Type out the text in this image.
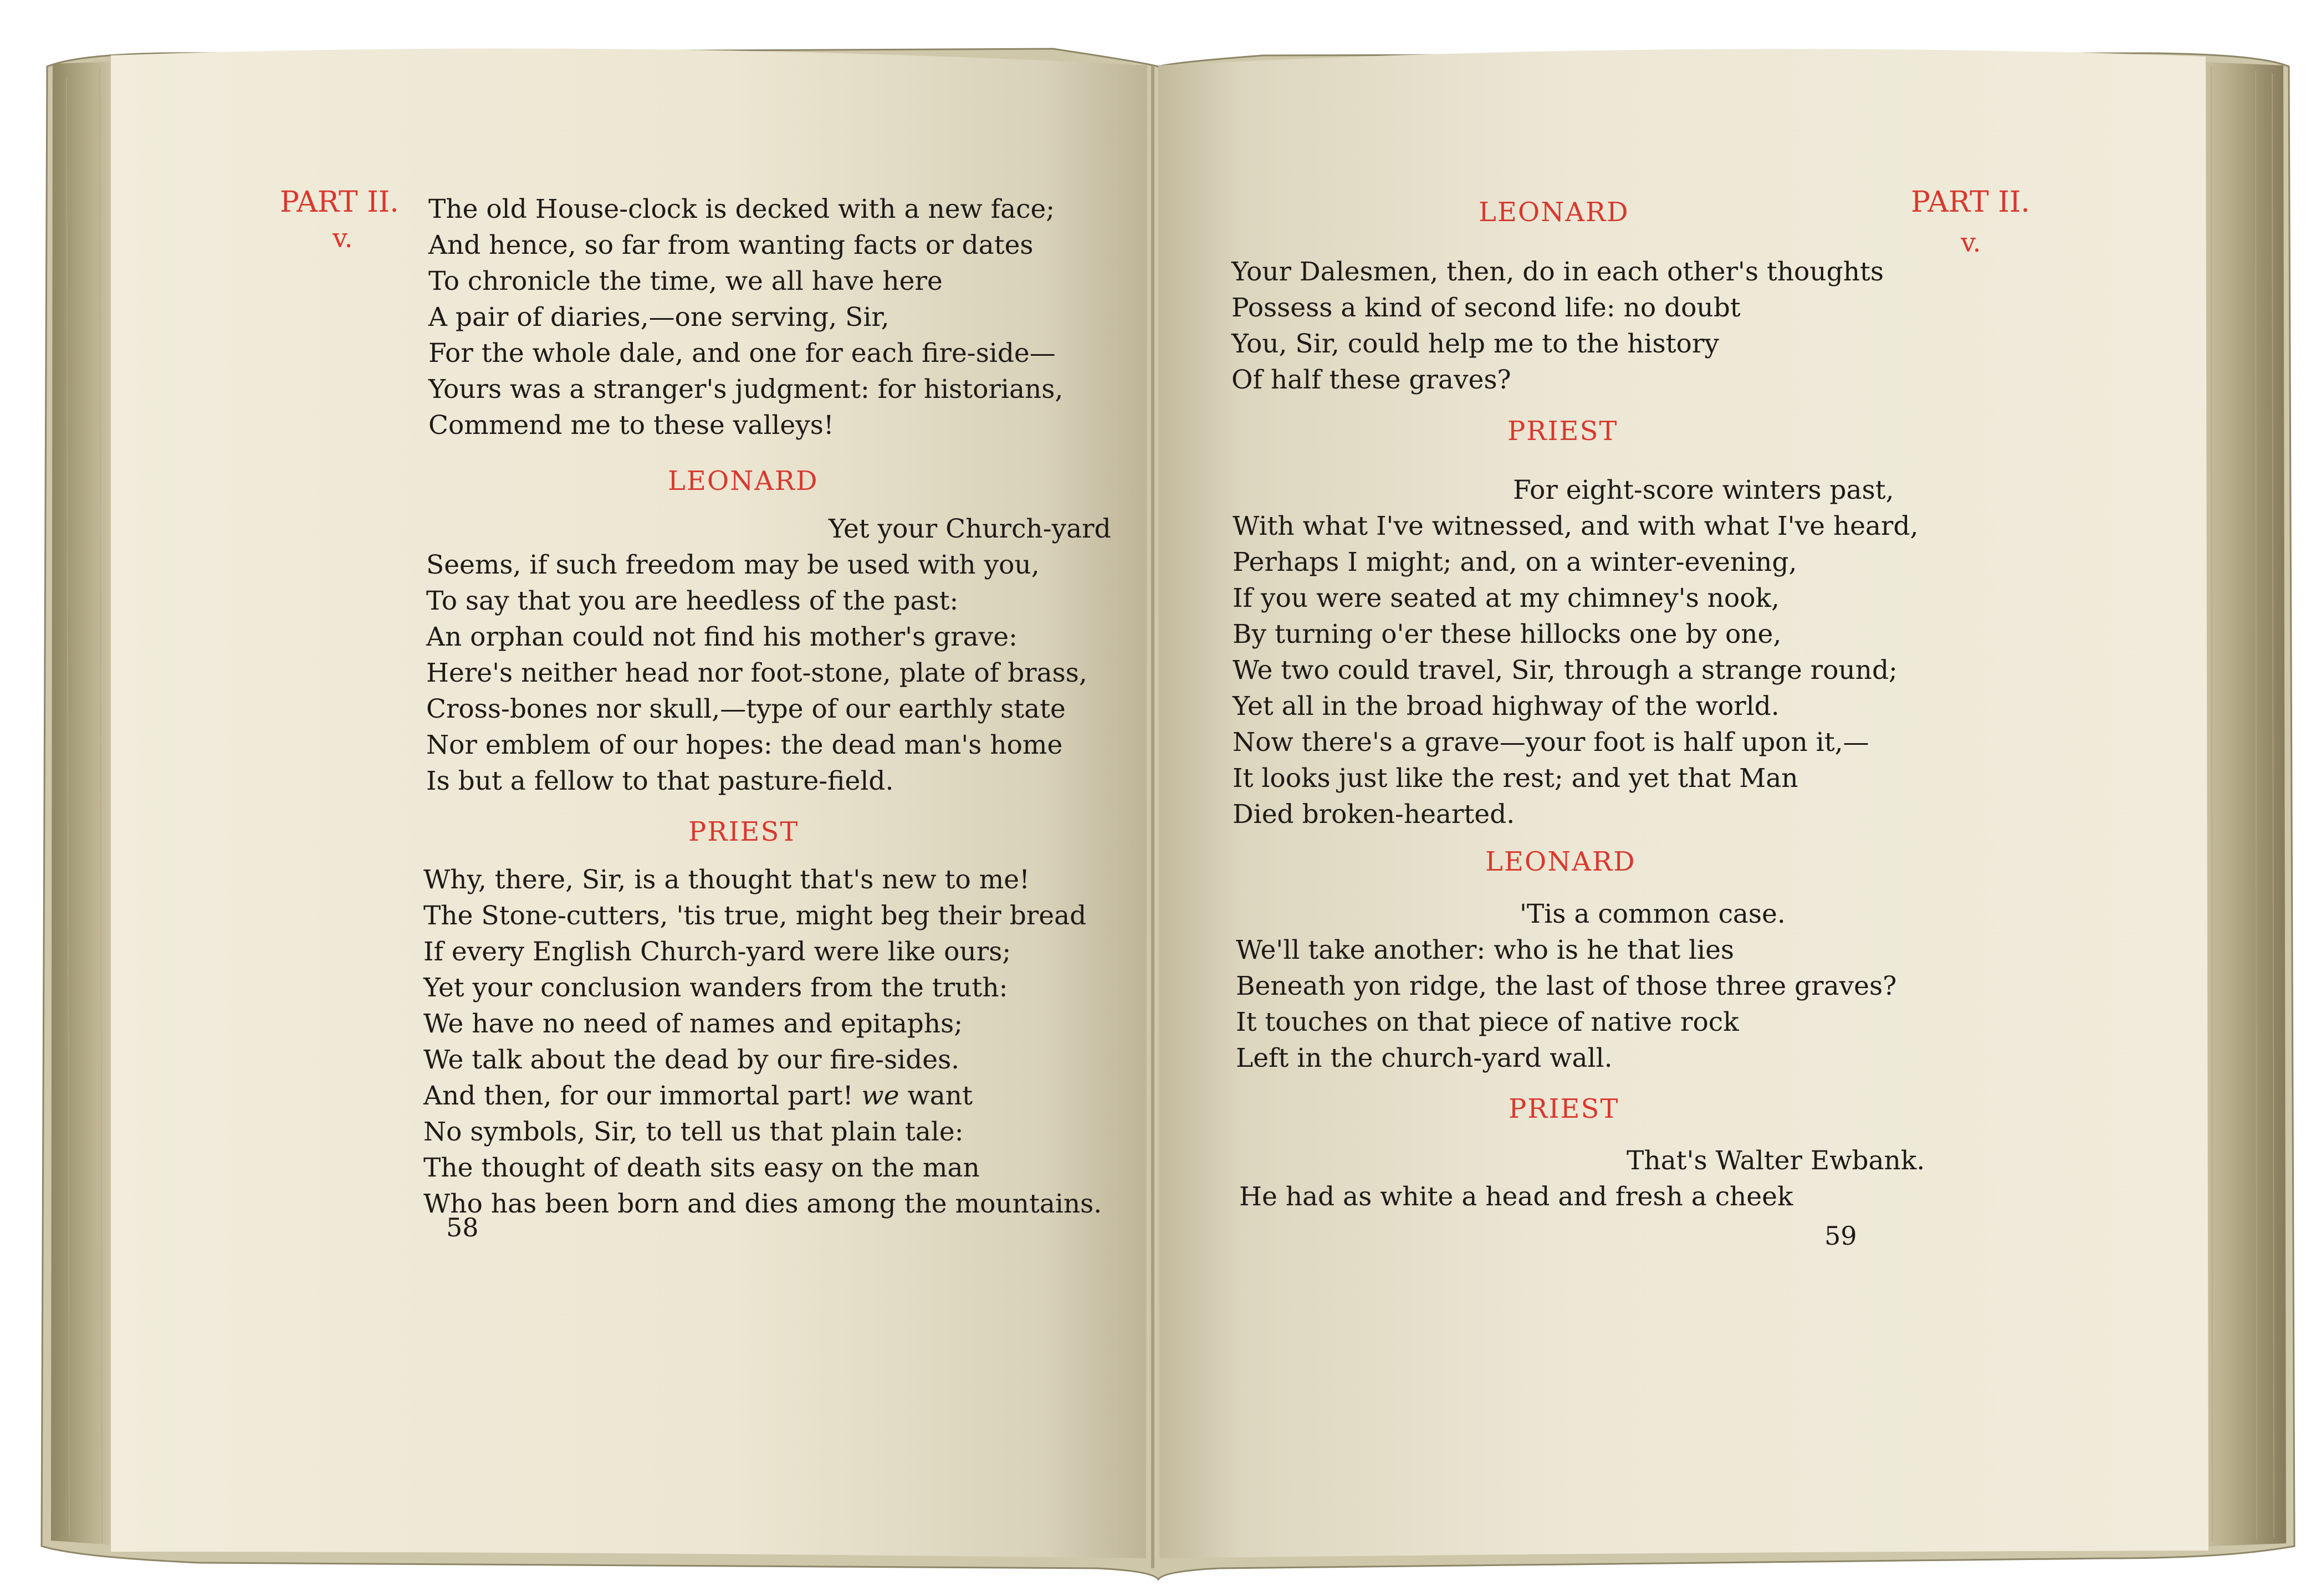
PART II.
v.
The old House-clock is decked with a new face;
And hence, so far from wanting facts or dates
To chronicle the time, we all have here
A pair of diaries,—one serving, Sir,
For the whole dale, and one for each fire-side—
Yours was a stranger's judgment: for historians,
Commend me to these valleys!
LEONARD
Yet your Church-yard
Seems, if such freedom may be used with you,
To say that you are heedless of the past:
An orphan could not find his mother's grave:
Here's neither head nor foot-stone, plate of brass,
Cross-bones nor skull,—type of our earthly state
Nor emblem of our hopes: the dead man's home
Is but a fellow to that pasture-field.
PRIEST
Why, there, Sir, is a thought that's new to me!
The Stone-cutters, 'tis true, might beg their bread
If every English Church-yard were like ours;
Yet your conclusion wanders from the truth:
We have no need of names and epitaphs;
We talk about the dead by our fire-sides.
And then, for our immortal part! we want
No symbols, Sir, to tell us that plain tale:
The thought of death sits easy on the man
Who has been born and dies among the mountains.
58
LEONARD	PART II.
v.
Your Dalesmen, then, do in each other's thoughts
Possess a kind of second life: no doubt
You, Sir, could help me to the history
Of half these graves?
PRIEST
For eight-score winters past,
With what I've witnessed, and with what I've heard,
Perhaps I might; and, on a winter-evening,
If you were seated at my chimney's nook,
By turning o'er these hillocks one by one,
We two could travel, Sir, through a strange round;
Yet all in the broad highway of the world.
Now there's a grave—your foot is half upon it,—
It looks just like the rest; and yet that Man
Died broken-hearted.
LEONARD
'Tis a common case.
We'll take another: who is he that lies
Beneath yon ridge, the last of those three graves?
It touches on that piece of native rock
Left in the church-yard wall.
PRIEST
That's Walter Ewbank.
He had as white a head and fresh a cheek
59
